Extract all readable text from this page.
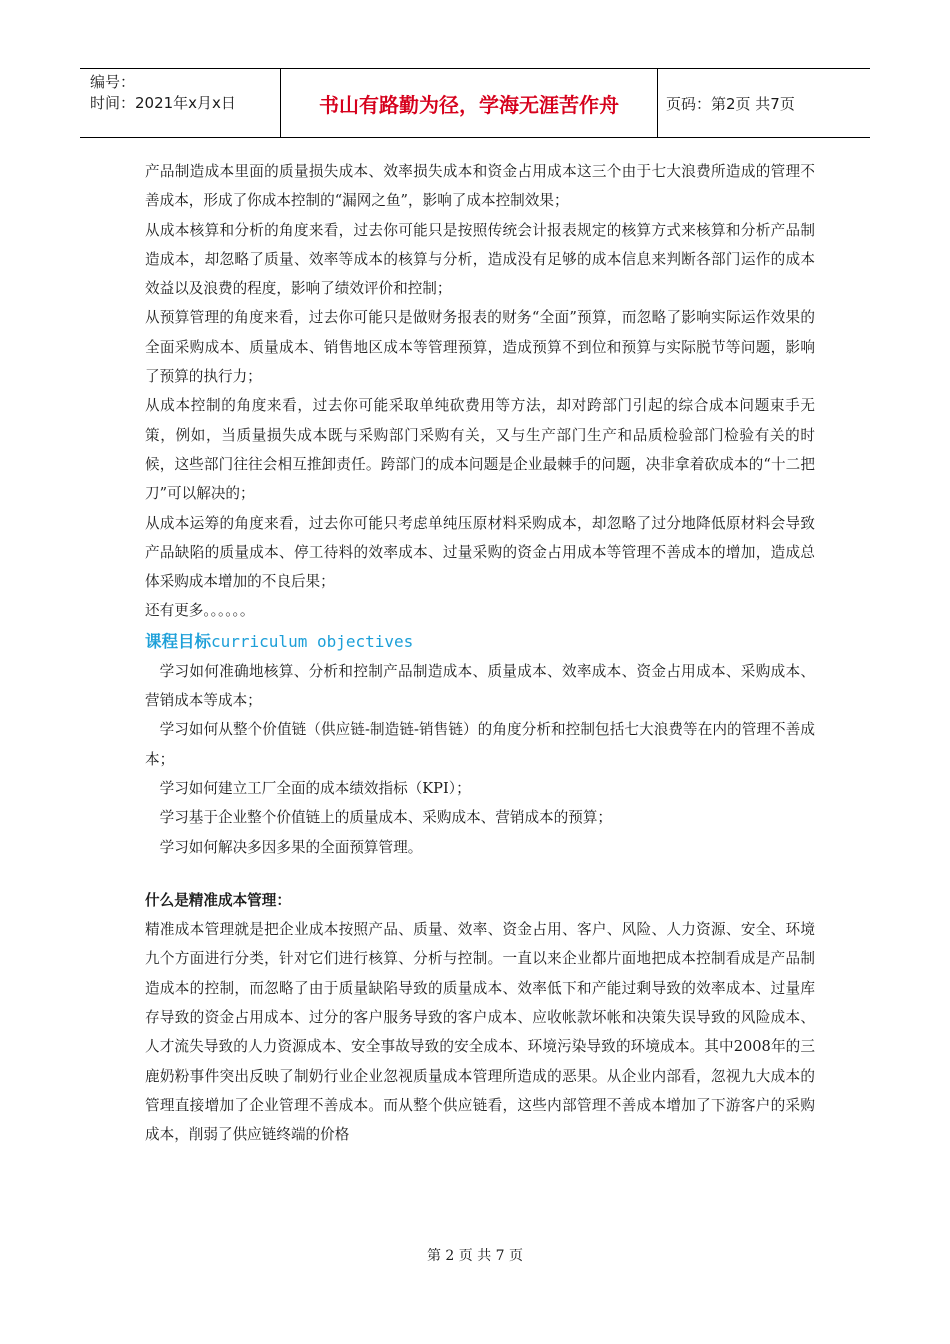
编号：
时间：2021年x月x日	书山有路勤为径，学海无涯苦作舟	页码：第2页 共7页

产品制造成本里面的质量损失成本、效率损失成本和资金占用成本这三个由于七大浪费所造成的管理不善成本，形成了你成本控制的“漏网之鱼”，影响了成本控制效果；

从成本核算和分析的角度来看，过去你可能只是按照传统会计报表规定的核算方式来核算和分析产品制造成本，却忽略了质量、效率等成本的核算与分析，造成没有足够的成本信息来判断各部门运作的成本效益以及浪费的程度，影响了绩效评价和控制；

从预算管理的角度来看，过去你可能只是做财务报表的财务“全面”预算，而忽略了影响实际运作效果的全面采购成本、质量成本、销售地区成本等管理预算，造成预算不到位和预算与实际脱节等问题，影响了预算的执行力；

从成本控制的角度来看，过去你可能采取单纯砍费用等方法，却对跨部门引起的综合成本问题束手无策，例如，当质量损失成本既与采购部门采购有关，又与生产部门生产和品质检验部门检验有关的时候，这些部门往往会相互推卸责任。跨部门的成本问题是企业最棘手的问题，决非拿着砍成本的“十二把刀”可以解决的；

从成本运筹的角度来看，过去你可能只考虑单纯压原材料采购成本，却忽略了过分地降低原材料会导致产品缺陷的质量成本、停工待料的效率成本、过量采购的资金占用成本等管理不善成本的增加，造成总体采购成本增加的不良后果；

还有更多。。。。。。

课程目标curriculum objectives

学习如何准确地核算、分析和控制产品制造成本、质量成本、效率成本、资金占用成本、采购成本、营销成本等成本；

学习如何从整个价值链（供应链-制造链-销售链）的角度分析和控制包括七大浪费等在内的管理不善成本；

学习如何建立工厂全面的成本绩效指标（KPI）；

学习基于企业整个价值链上的质量成本、采购成本、营销成本的预算；

学习如何解决多因多果的全面预算管理。

什么是精准成本管理：

精准成本管理就是把企业成本按照产品、质量、效率、资金占用、客户、风险、人力资源、安全、环境九个方面进行分类，针对它们进行核算、分析与控制。一直以来企业都片面地把成本控制看成是产品制造成本的控制，而忽略了由于质量缺陷导致的质量成本、效率低下和产能过剩导致的效率成本、过量库存导致的资金占用成本、过分的客户服务导致的客户成本、应收帐款坏帐和决策失误导致的风险成本、人才流失导致的人力资源成本、安全事故导致的安全成本、环境污染导致的环境成本。其中2008年的三鹿奶粉事件突出反映了制奶行业企业忽视质量成本管理所造成的恶果。从企业内部看，忽视九大成本的管理直接增加了企业管理不善成本。而从整个供应链看，这些内部管理不善成本增加了下游客户的采购成本，削弱了供应链终端的价格

第 2 页 共 7 页
